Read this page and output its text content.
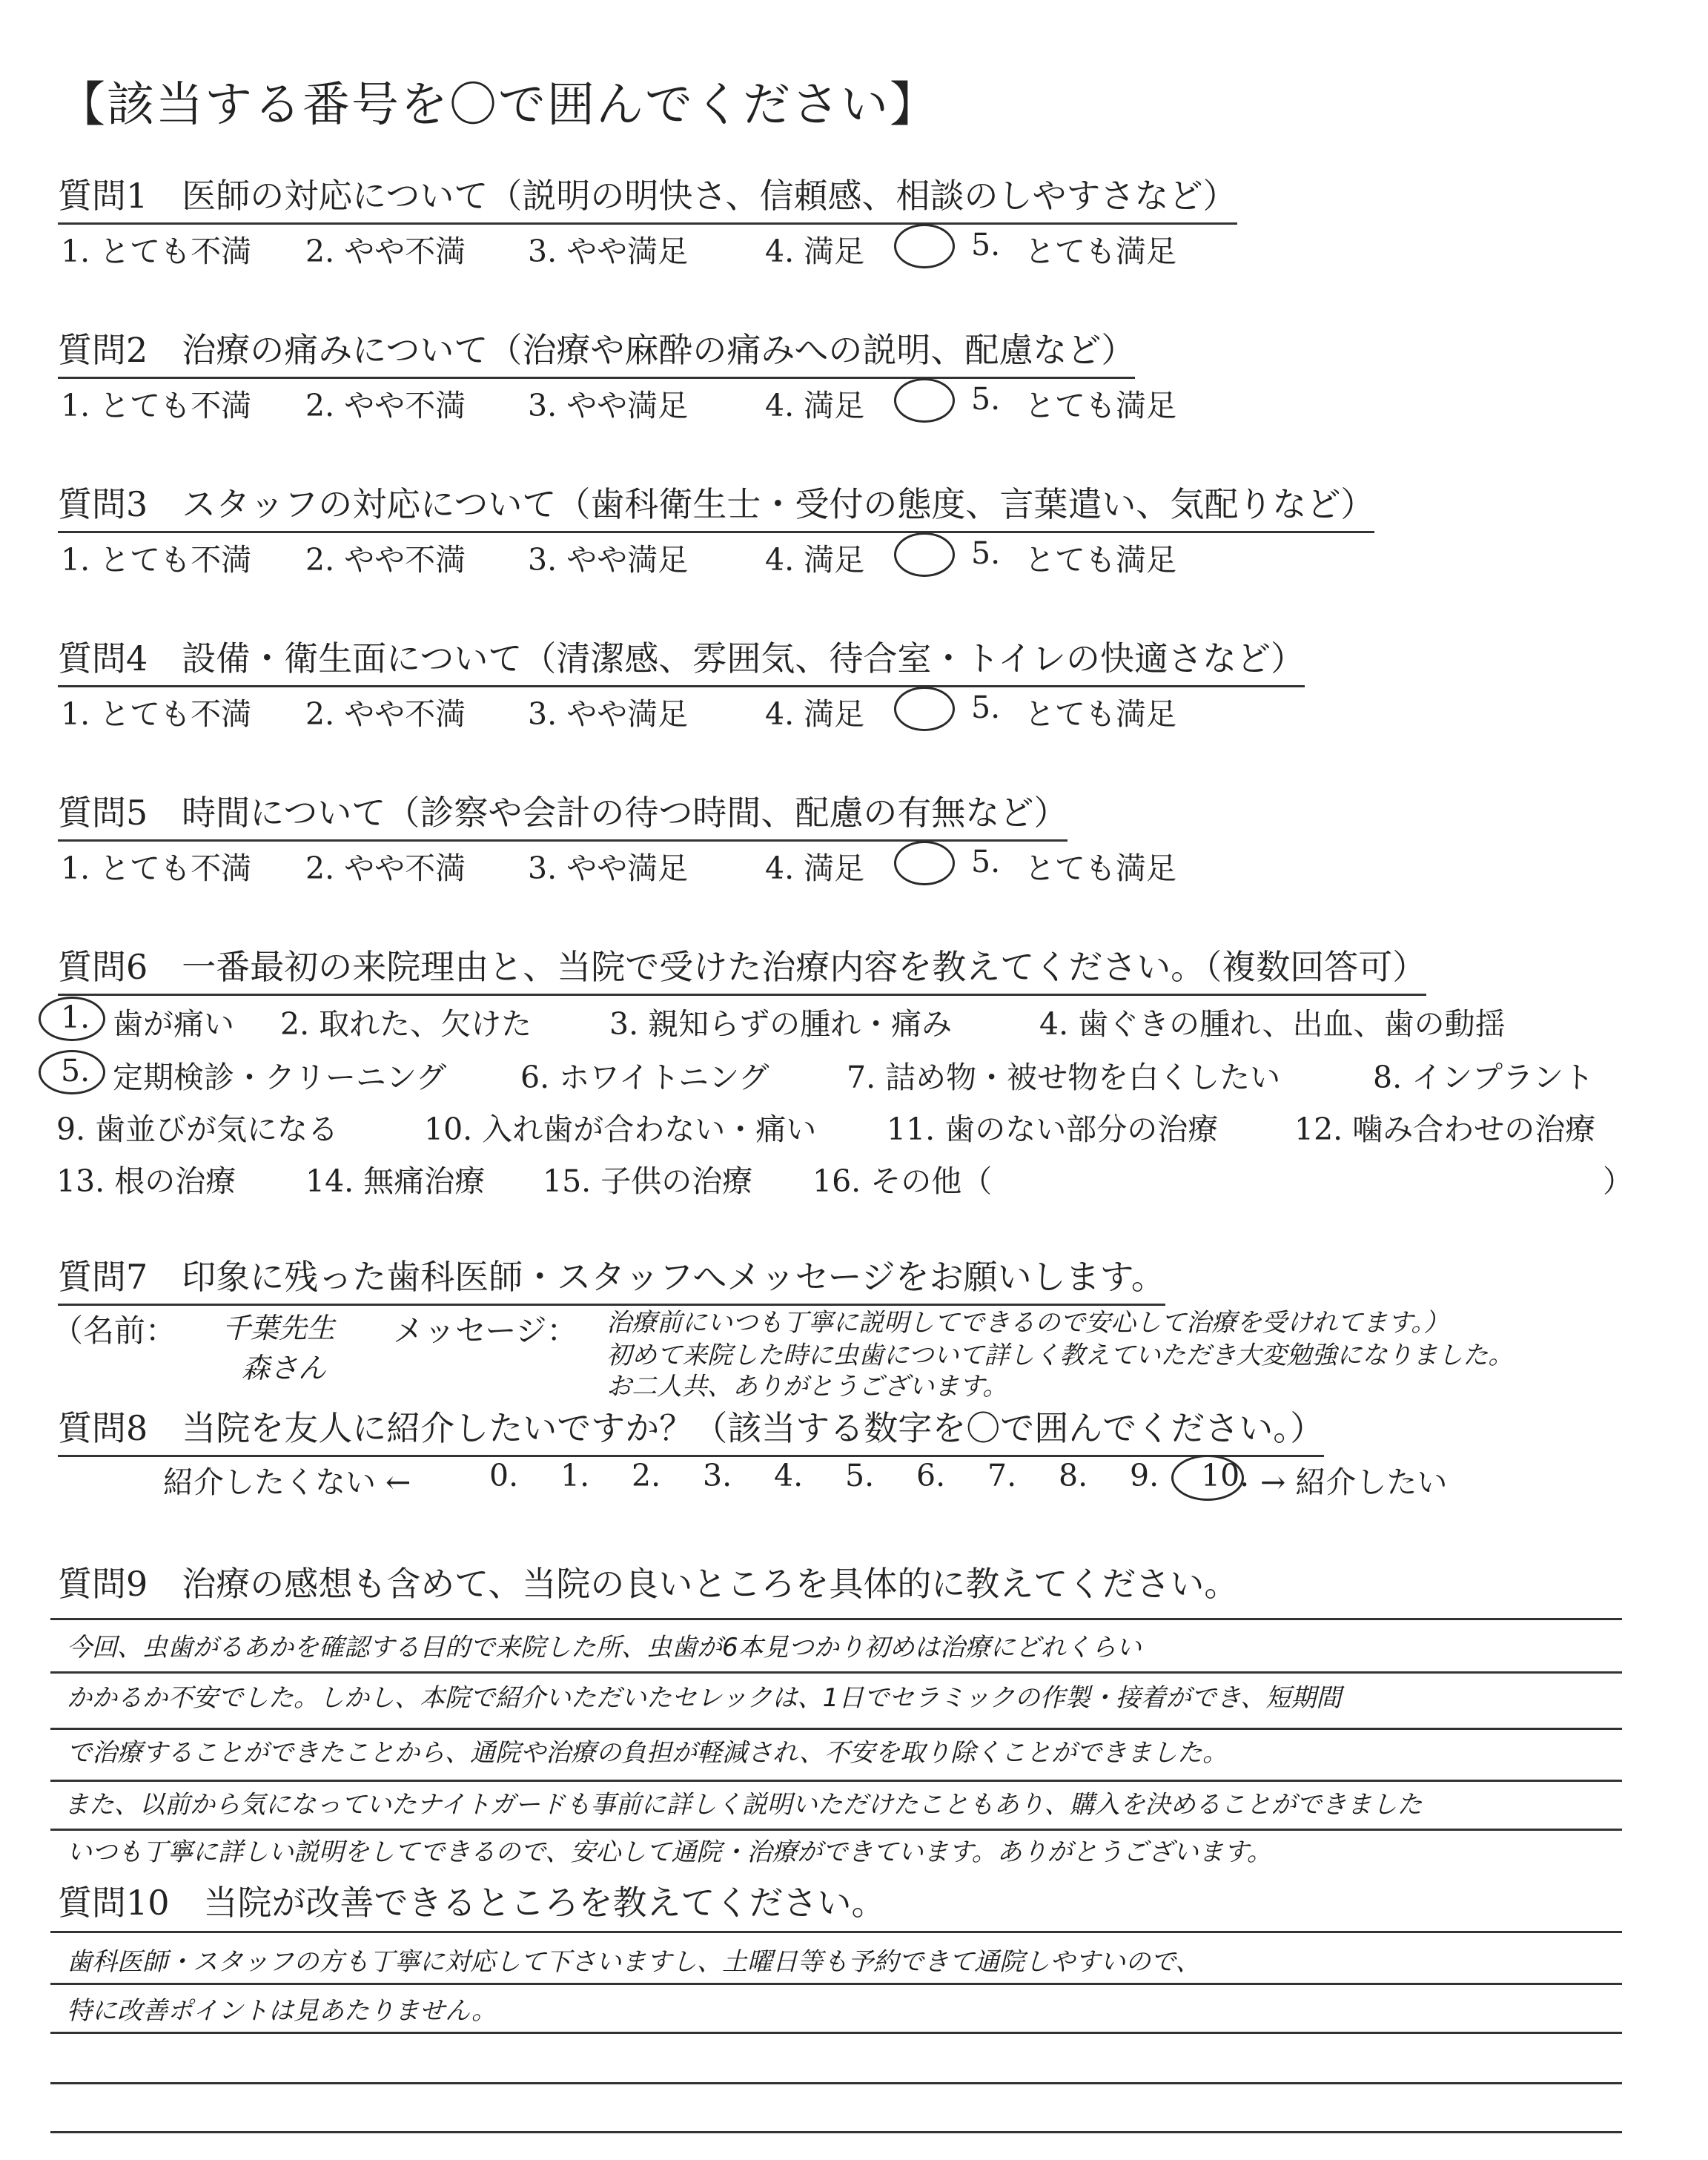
【該当する番号を〇で囲んでください】
質問1　医師の対応について（説明の明快さ、信頼感、相談のしやすさなど）
1. とても不満 2. やや不満 3. やや満足	4. 満足	5. とても満足
質問2　治療の痛みについて（治療や麻酔の痛みへの説明、配慮など）
1. とても不満 2. やや不満 3. やや満足	4. 満足	5. とても満足
質問3　スタッフの対応について（歯科衛生士・受付の態度、言葉遣い、気配りなど）
1. とても不満 2. やや不満 3. やや満足	4. 満足	5. とても満足
質問4　設備・衛生面について（清潔感、雰囲気、待合室・トイレの快適さなど）
1. とても不満 2. やや不満 3. やや満足	4. 満足	5. とても満足
質問5　時間について（診察や会計の待つ時間、配慮の有無など）
1. とても不満 2. やや不満 3. やや満足	4. 満足	5. とても満足
質問6　一番最初の来院理由と、当院で受けた治療内容を教えてください。（複数回答可）
1. 歯が痛い 2. 取れた、欠けた	3. 親知らずの腫れ・痛み	4. 歯ぐきの腫れ、出血、歯の動揺
5. 定期検診・クリーニング 6. ホワイトニング	7. 詰め物・被せ物を白くしたい	8. インプラント
9. 歯並びが気になる	10. 入れ歯が合わない・痛い 11. 歯のない部分の治療	12. 噛み合わせの治療
13. 根の治療 14. 無痛治療 15. 子供の治療 16. その他（	）
質問7　印象に残った歯科医師・スタッフへメッセージをお願いします。
（名前： 千葉先生
森さん
メッセージ： 治療前にいつも丁寧に説明してできるので安心して治療を受けれてます。）
初めて来院した時に虫歯について詳しく教えていただき大変勉強になりました。
お二人共、ありがとうございます。
質問8　当院を友人に紹介したいですか？（該当する数字を〇で囲んでください。）
紹介したくない ←	0. 1. 2. 3. 4. 5. 6. 7. 8. 9. 10. → 紹介したい
質問9　治療の感想も含めて、当院の良いところを具体的に教えてください。
今回、虫歯がるあかを確認する目的で来院した所、虫歯が6本見つかり初めは治療にどれくらい
かかるか不安でした。しかし、本院で紹介いただいたセレックは、1日でセラミックの作製・接着ができ、短期間
で治療することができたことから、通院や治療の負担が軽減され、不安を取り除くことができました。
また、以前から気になっていたナイトガードも事前に詳しく説明いただけたこともあり、購入を決めることができました
いつも丁寧に詳しい説明をしてできるので、安心して通院・治療ができています。ありがとうございます。
質問10　当院が改善できるところを教えてください。
歯科医師・スタッフの方も丁寧に対応して下さいますし、土曜日等も予約できて通院しやすいので、
特に改善ポイントは見あたりません。
